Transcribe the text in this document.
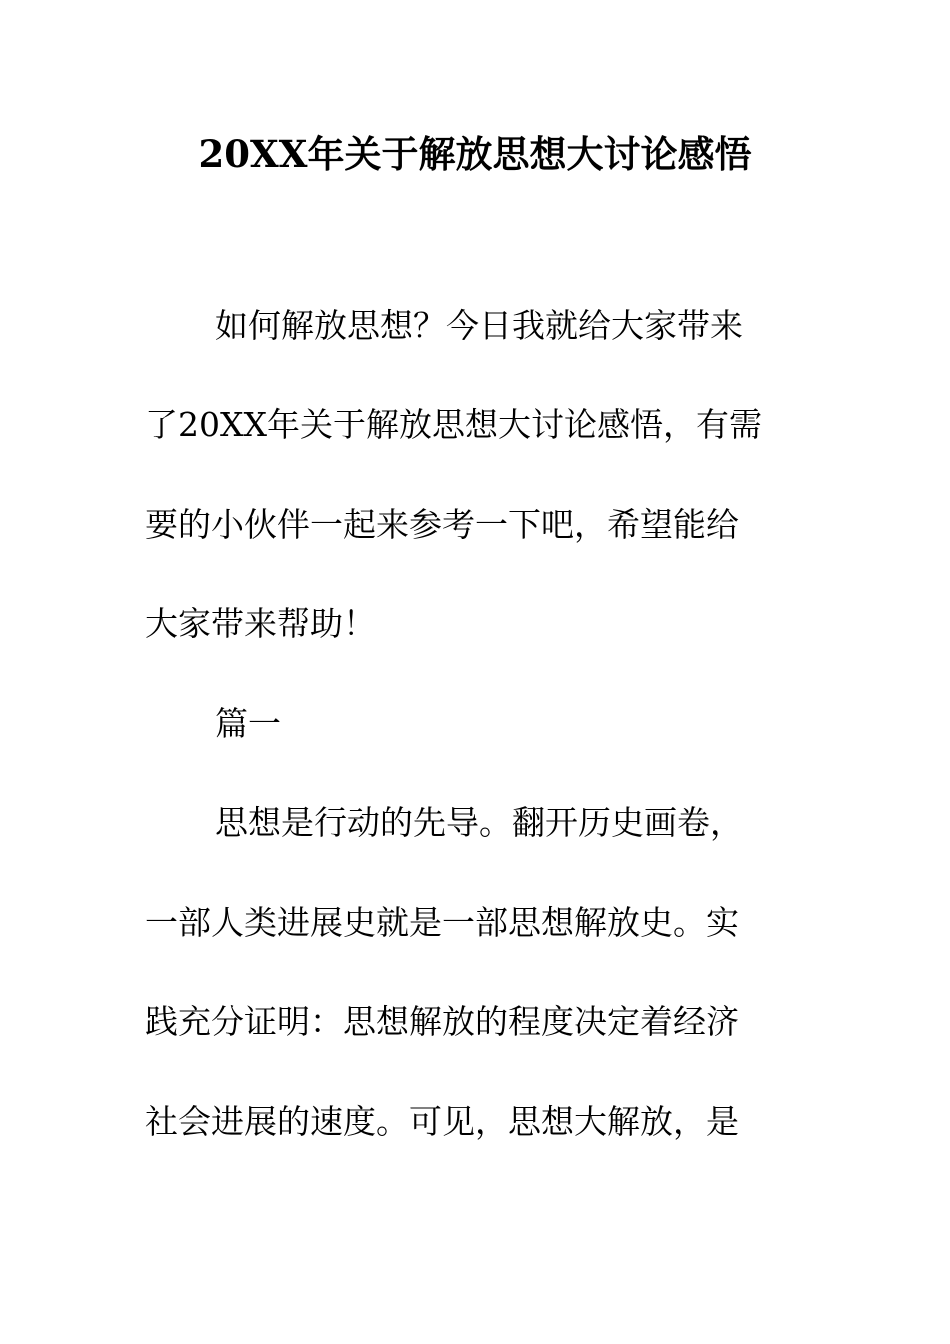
20XX年关于解放思想大讨论感悟

如何解放思想？今日我就给大家带来

了20XX年关于解放思想大讨论感悟，有需

要的小伙伴一起来参考一下吧，希望能给

大家带来帮助！

篇一

思想是行动的先导。翻开历史画卷，

一部人类进展史就是一部思想解放史。实

践充分证明：思想解放的程度决定着经济

社会进展的速度。可见，思想大解放，是
